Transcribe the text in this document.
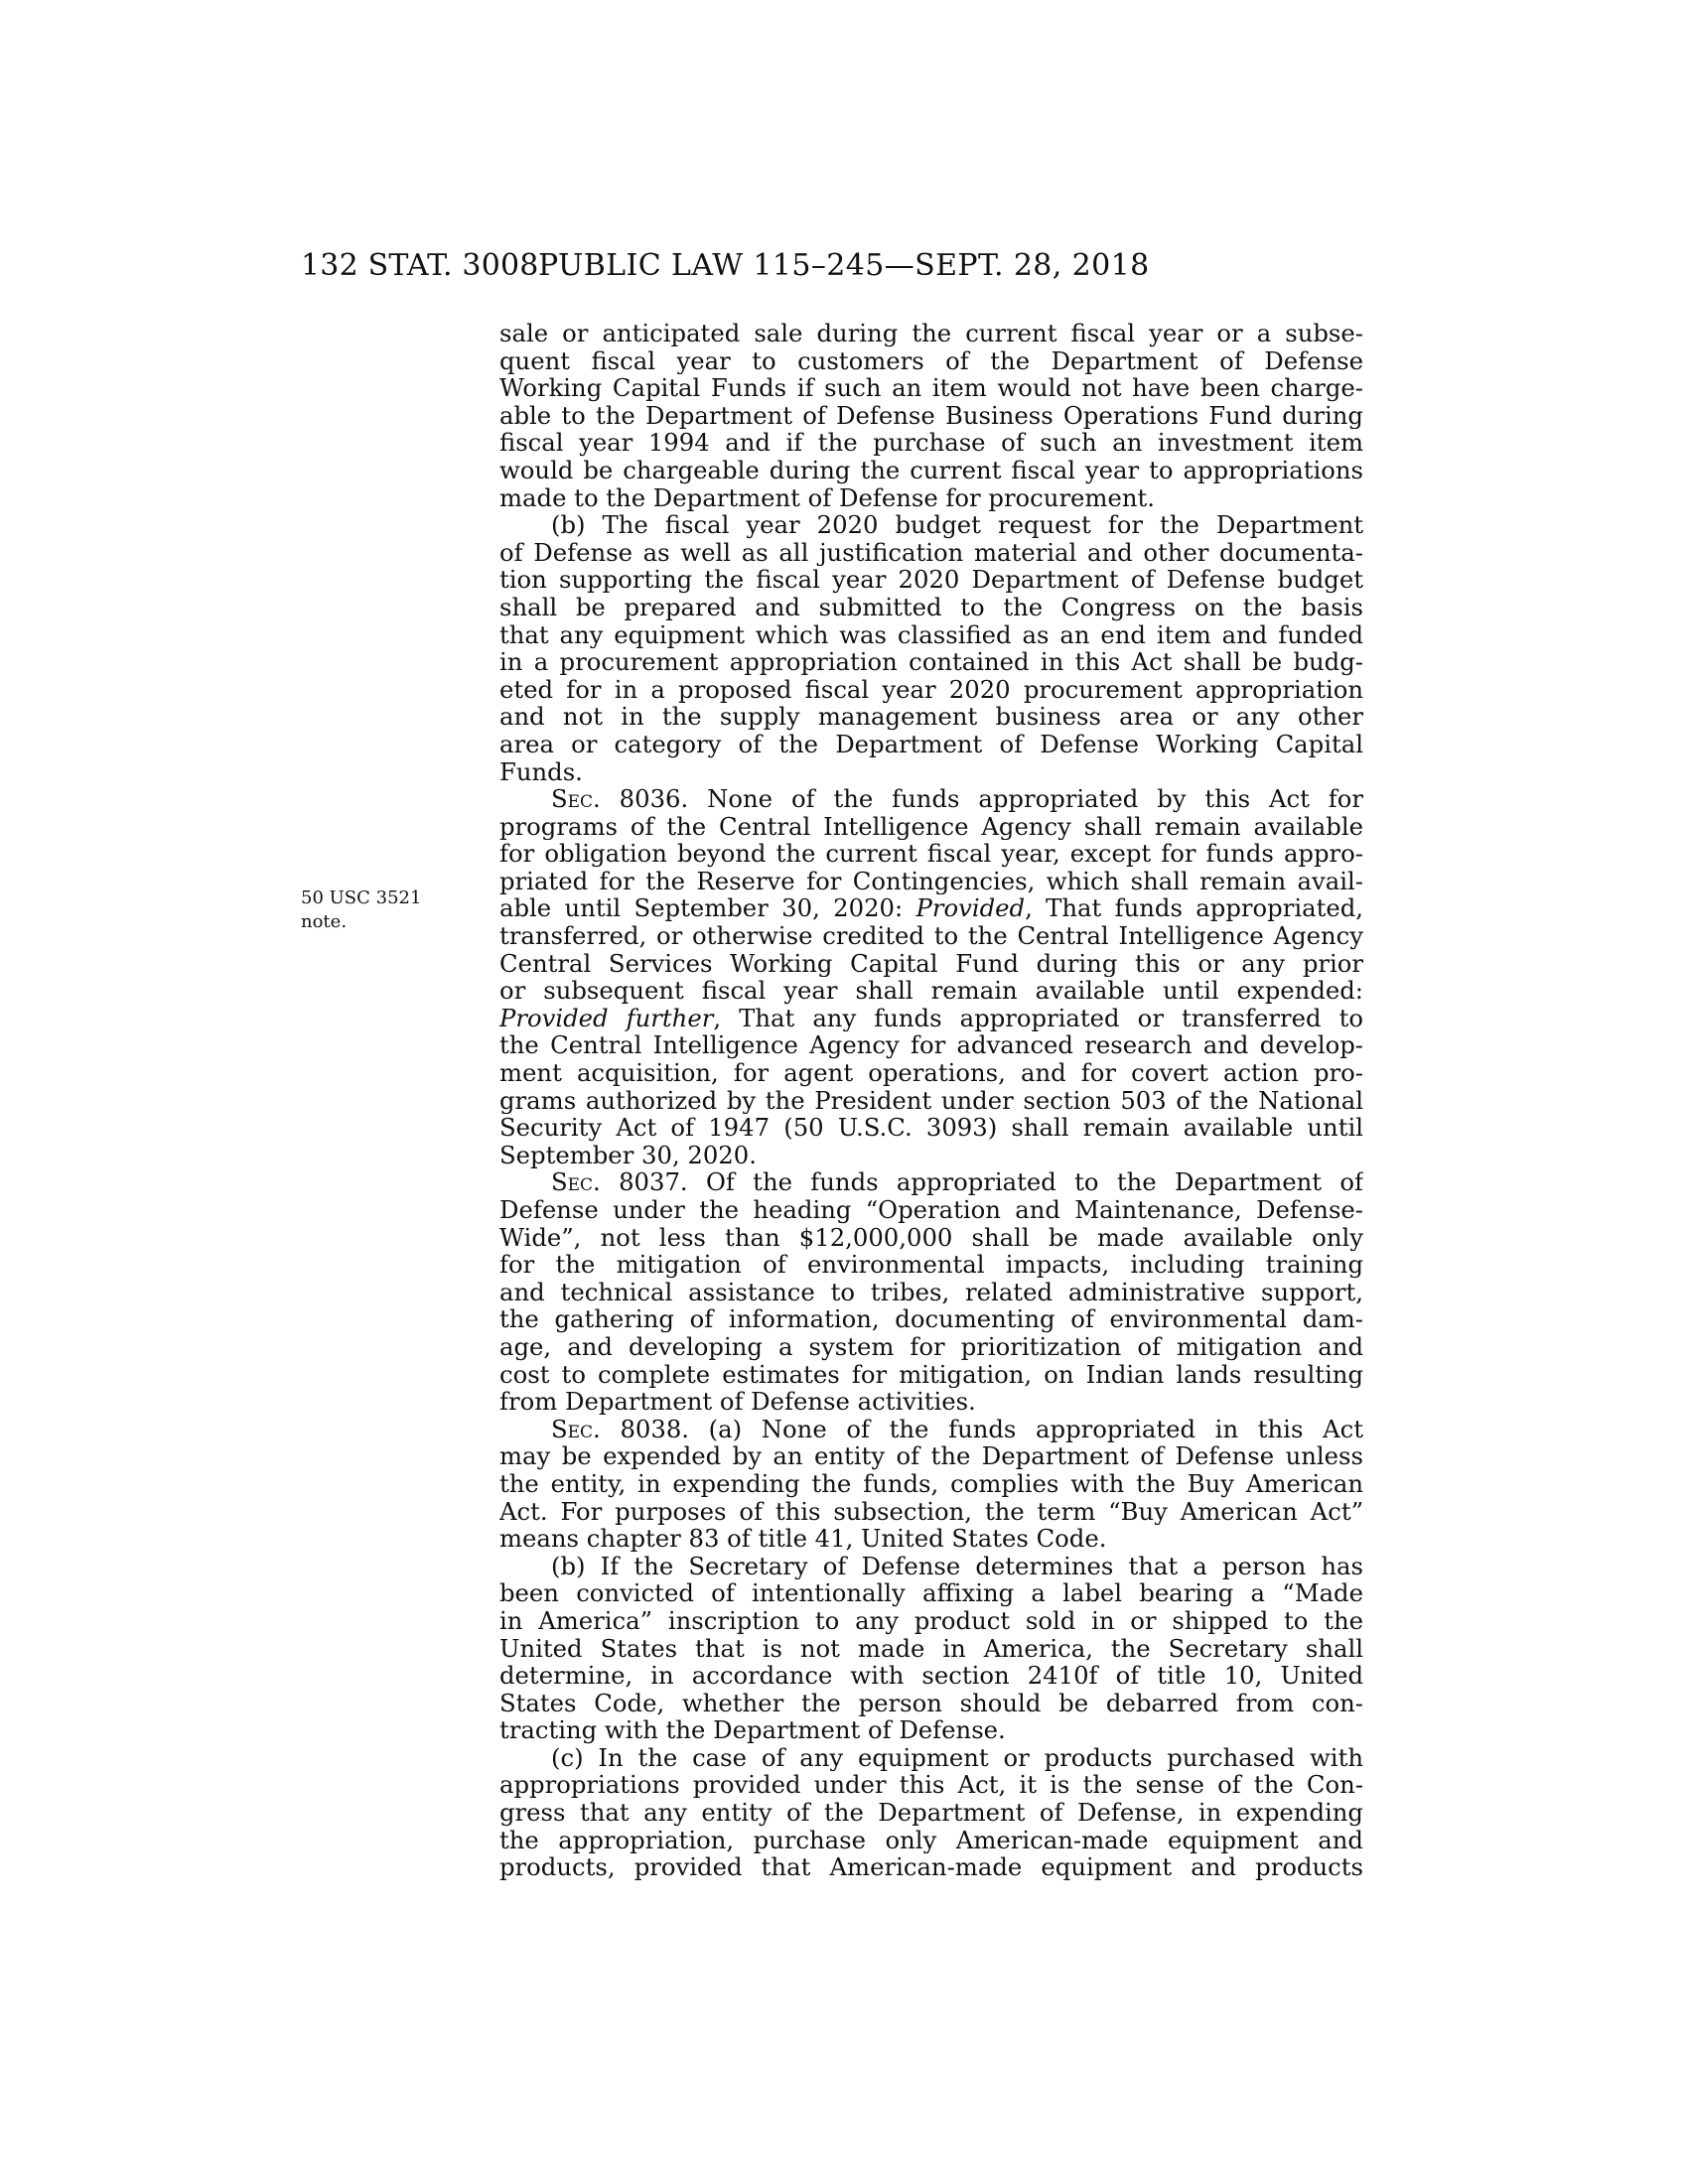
132 STAT. 3008 PUBLIC LAW 115–245—SEPT. 28, 2018
50 USC 3521
note.
sale or anticipated sale during the current fiscal year or a subse-
quent fiscal year to customers of the Department of Defense
Working Capital Funds if such an item would not have been charge-
able to the Department of Defense Business Operations Fund during
fiscal year 1994 and if the purchase of such an investment item
would be chargeable during the current fiscal year to appropriations
made to the Department of Defense for procurement.
(b) The fiscal year 2020 budget request for the Department
of Defense as well as all justification material and other documenta-
tion supporting the fiscal year 2020 Department of Defense budget
shall be prepared and submitted to the Congress on the basis
that any equipment which was classified as an end item and funded
in a procurement appropriation contained in this Act shall be budg-
eted for in a proposed fiscal year 2020 procurement appropriation
and not in the supply management business area or any other
area or category of the Department of Defense Working Capital
Funds.
Sec. 8036. None of the funds appropriated by this Act for
programs of the Central Intelligence Agency shall remain available
for obligation beyond the current fiscal year, except for funds appro-
priated for the Reserve for Contingencies, which shall remain avail-
able until September 30, 2020: Provided, That funds appropriated,
transferred, or otherwise credited to the Central Intelligence Agency
Central Services Working Capital Fund during this or any prior
or subsequent fiscal year shall remain available until expended:
Provided further, That any funds appropriated or transferred to
the Central Intelligence Agency for advanced research and develop-
ment acquisition, for agent operations, and for covert action pro-
grams authorized by the President under section 503 of the National
Security Act of 1947 (50 U.S.C. 3093) shall remain available until
September 30, 2020.
Sec. 8037. Of the funds appropriated to the Department of
Defense under the heading “Operation and Maintenance, Defense-
Wide”, not less than $12,000,000 shall be made available only
for the mitigation of environmental impacts, including training
and technical assistance to tribes, related administrative support,
the gathering of information, documenting of environmental dam-
age, and developing a system for prioritization of mitigation and
cost to complete estimates for mitigation, on Indian lands resulting
from Department of Defense activities.
Sec. 8038. (a) None of the funds appropriated in this Act
may be expended by an entity of the Department of Defense unless
the entity, in expending the funds, complies with the Buy American
Act. For purposes of this subsection, the term “Buy American Act”
means chapter 83 of title 41, United States Code.
(b) If the Secretary of Defense determines that a person has
been convicted of intentionally affixing a label bearing a “Made
in America” inscription to any product sold in or shipped to the
United States that is not made in America, the Secretary shall
determine, in accordance with section 2410f of title 10, United
States Code, whether the person should be debarred from con-
tracting with the Department of Defense.
(c) In the case of any equipment or products purchased with
appropriations provided under this Act, it is the sense of the Con-
gress that any entity of the Department of Defense, in expending
the appropriation, purchase only American-made equipment and
products, provided that American-made equipment and products
